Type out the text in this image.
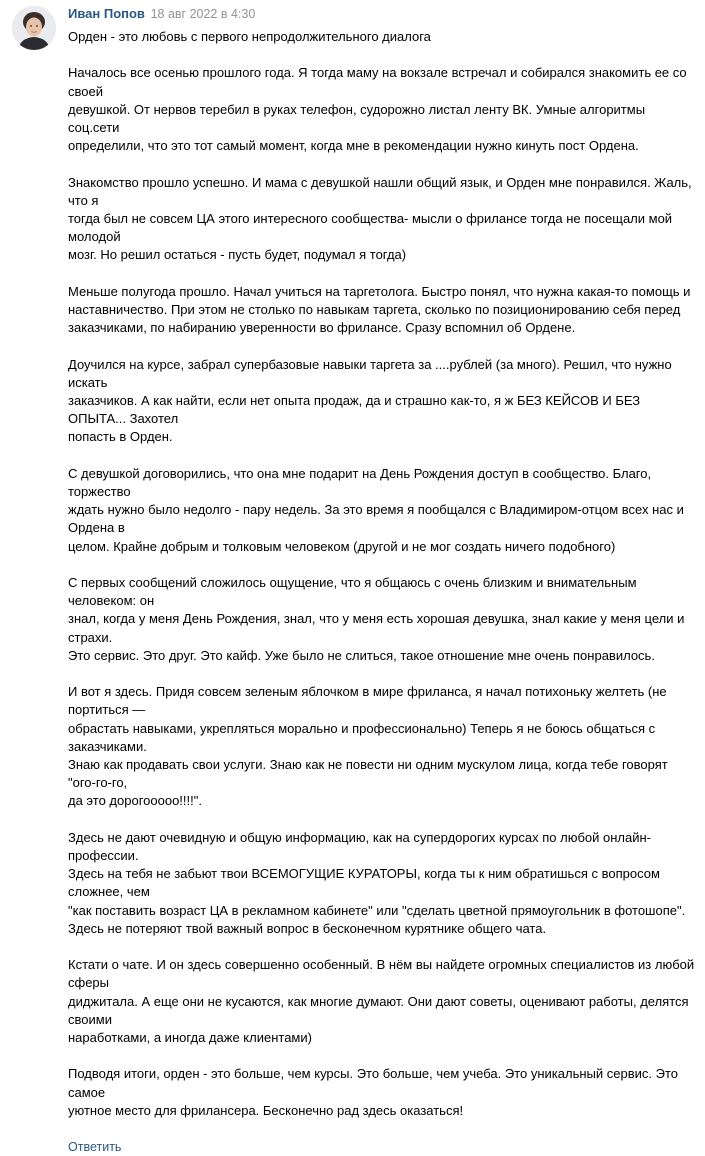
Иван Попов 18 авг 2022 в 4:30
Орден - это любовь с первого непродолжительного диалога
Началось все осенью прошлого года. Я тогда маму на вокзале встречал и собирался знакомить ее со своей
девушкой. От нервов теребил в руках телефон, судорожно листал ленту ВК. Умные алгоритмы соц.сети
определили, что это тот самый момент, когда мне в рекомендации нужно кинуть пост Ордена.
Знакомство прошло успешно. И мама с девушкой нашли общий язык, и Орден мне понравился. Жаль, что я
тогда был не совсем ЦА этого интересного сообщества- мысли о фрилансе тогда не посещали мой молодой
мозг. Но решил остаться - пусть будет, подумал я тогда)
Меньше полугода прошло. Начал учиться на таргетолога. Быстро понял, что нужна какая-то помощь и
наставничество. При этом не столько по навыкам таргета, сколько по позиционированию себя перед
заказчиками, по набиранию уверенности во фрилансе. Сразу вспомнил об Ордене.
Доучился на курсе, забрал супербазовые навыки таргета за ....рублей (за много). Решил, что нужно искать
заказчиков. А как найти, если нет опыта продаж, да и страшно как-то, я ж БЕЗ КЕЙСОВ И БЕЗ ОПЫТА... Захотел
попасть в Орден.
С девушкой договорились, что она мне подарит на День Рождения доступ в сообщество. Благо, торжество
ждать нужно было недолго - пару недель. За это время я пообщался с Владимиром-отцом всех нас и Ордена в
целом. Крайне добрым и толковым человеком (другой и не мог создать ничего подобного)
С первых сообщений сложилось ощущение, что я общаюсь с очень близким и внимательным человеком: он
знал, когда у меня День Рождения, знал, что у меня есть хорошая девушка, знал какие у меня цели и страхи.
Это сервис. Это друг. Это кайф. Уже было не слиться, такое отношение мне очень понравилось.
И вот я здесь. Придя совсем зеленым яблочком в мире фриланса, я начал потихоньку желтеть (не портиться —
обрастать навыками, укрепляться морально и профессионально) Теперь я не боюсь общаться с заказчиками.
Знаю как продавать свои услуги. Знаю как не повести ни одним мускулом лица, когда тебе говорят "ого-го-го,
да это дорогоoooo!!!!".
Здесь не дают очевидную и общую информацию, как на супердорогих курсах по любой онлайн-профессии.
Здесь на тебя не забьют твои ВСЕМОГУЩИЕ КУРАТОРЫ, когда ты к ним обратишься с вопросом сложнее, чем
"как поставить возраст ЦА в рекламном кабинете" или "сделать цветной прямоугольник в фотошопе".
Здесь не потеряют твой важный вопрос в бесконечном курятнике общего чата.
Кстати о чате. И он здесь совершенно особенный. В нём вы найдете огромных специалистов из любой сферы
диджитала. А еще они не кусаются, как многие думают. Они дают советы, оценивают работы, делятся своими
наработками, а иногда даже клиентами)
Подводя итоги, орден - это больше, чем курсы. Это больше, чем учеба. Это уникальный сервис. Это самое
уютное место для фрилансера. Бесконечно рад здесь оказаться!
Ответить
